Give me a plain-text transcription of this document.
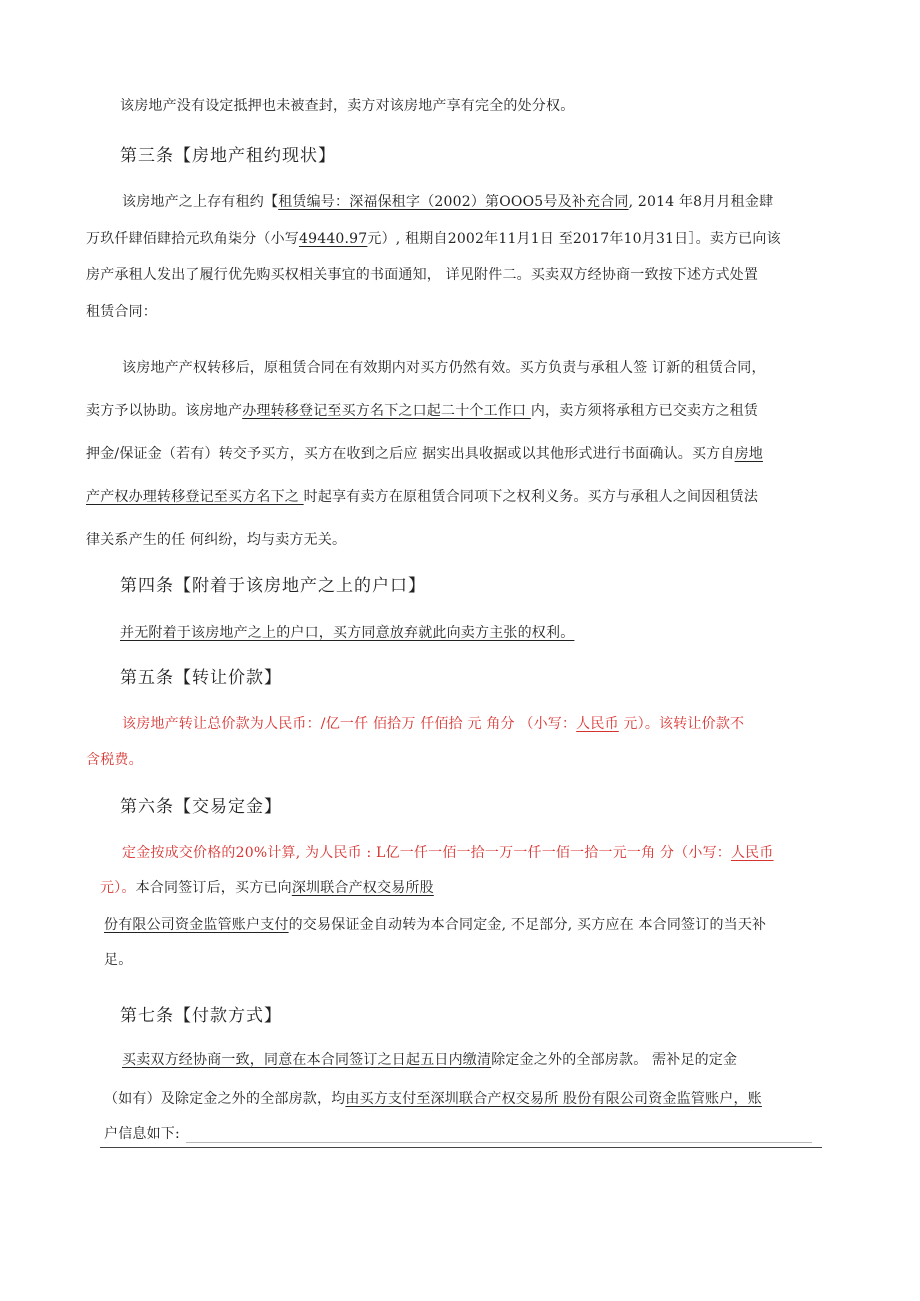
该房地产没有设定抵押也未被查封，卖方对该房地产享有完全的处分权。
第三条【房地产租约现状】
该房地产之上存有租约【租赁编号：深福保租字（2002）第OOO5号及补充合同, 2014 年8月月租金肆
万玖仟肆佰肆拾元玖角柒分（小写49440.97元）, 租期自2002年11月1日 至2017年10月31日］。卖方已向该
房产承租人发出了履行优先购买权相关事宜的书面通知， 详见附件二。买卖双方经协商一致按下述方式处置
租赁合同：
该房地产产权转移后，原租赁合同在有效期内对买方仍然有效。买方负责与承租人签 订新的租赁合同，
卖方予以协助。该房地产办理转移登记至买方名下之口起二十个工作口 内，卖方须将承租方已交卖方之租赁
押金/保证金（若有）转交予买方，买方在收到之后应 据实出具收据或以其他形式进行书面确认。买方自房地
产产权办理转移登记至买方名下之 时起享有卖方在原租赁合同项下之权利义务。买方与承租人之间因租赁法
律关系产生的任 何纠纷，均与卖方无关。
第四条【附着于该房地产之上的户口】
并无附着于该房地产之上的户口，买方同意放弃就此向卖方主张的权利。
第五条【转让价款】
该房地产转让总价款为人民币：/亿一仟 佰拾万 仟佰拾 元 角分 （小写：人民币 元）。该转让价款不
含税费。
第六条【交易定金】
定金按成交价格的20%计算, 为人民币 : L亿一仟一佰一拾一万一仟一佰一拾一元一角 分（小写：人民币
元）。本合同签订后，买方已向深圳联合产权交易所股
份有限公司资金监管账户支付的交易保证金自动转为本合同定金, 不足部分, 买方应在 本合同签订的当天补
足。
第七条【付款方式】
买卖双方经协商一致，同意在本合同签订之日起五日内缴清除定金之外的全部房款。 需补足的定金
（如有）及除定金之外的全部房款，均由买方支付至深圳联合产权交易所 股份有限公司资金监管账户，账
户信息如下:
